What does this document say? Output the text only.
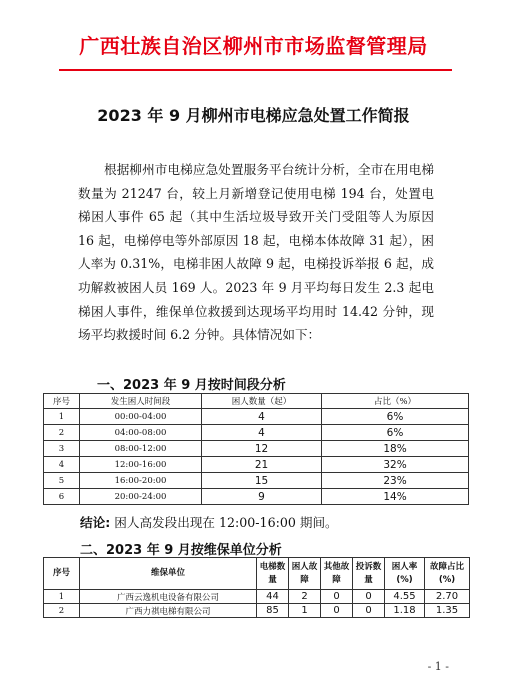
广西壮族自治区柳州市市场监督管理局
2023 年 9 月柳州市电梯应急处置工作简报

根据柳州市电梯应急处置服务平台统计分析，全市在用电梯数量为 21247 台，较上月新增登记使用电梯 194 台，处置电梯困人事件 65 起（其中生活垃圾导致开关门受阻等人为原因 16 起，电梯停电等外部原因 18 起，电梯本体故障 31 起），困人率为 0.31%，电梯非困人故障 9 起，电梯投诉举报 6 起，成功解救被困人员 169 人。2023 年 9 月平均每日发生 2.3 起电梯困人事件，维保单位救援到达现场平均用时 14.42 分钟，现场平均救援时间 6.2 分钟。具体情况如下：

一、2023 年 9 月按时间段分析
序号	发生困人时间段	困人数量（起）	占比（%）
1	00:00-04:00	4	6%
2	04:00-08:00	4	6%
3	08:00-12:00	12	18%
4	12:00-16:00	21	32%
5	16:00-20:00	15	23%
6	20:00-24:00	9	14%
结论: 困人高发段出现在 12:00-16:00 期间。
二、2023 年 9 月按维保单位分析
序号	维保单位	电梯数量	困人故障	其他故障	投诉数量	困人率(%)	故障占比(%)
1	广西云逸机电设备有限公司	44	2	0	0	4.55	2.70
2	广西力祺电梯有限公司	85	1	0	0	1.18	1.35
- 1 -
